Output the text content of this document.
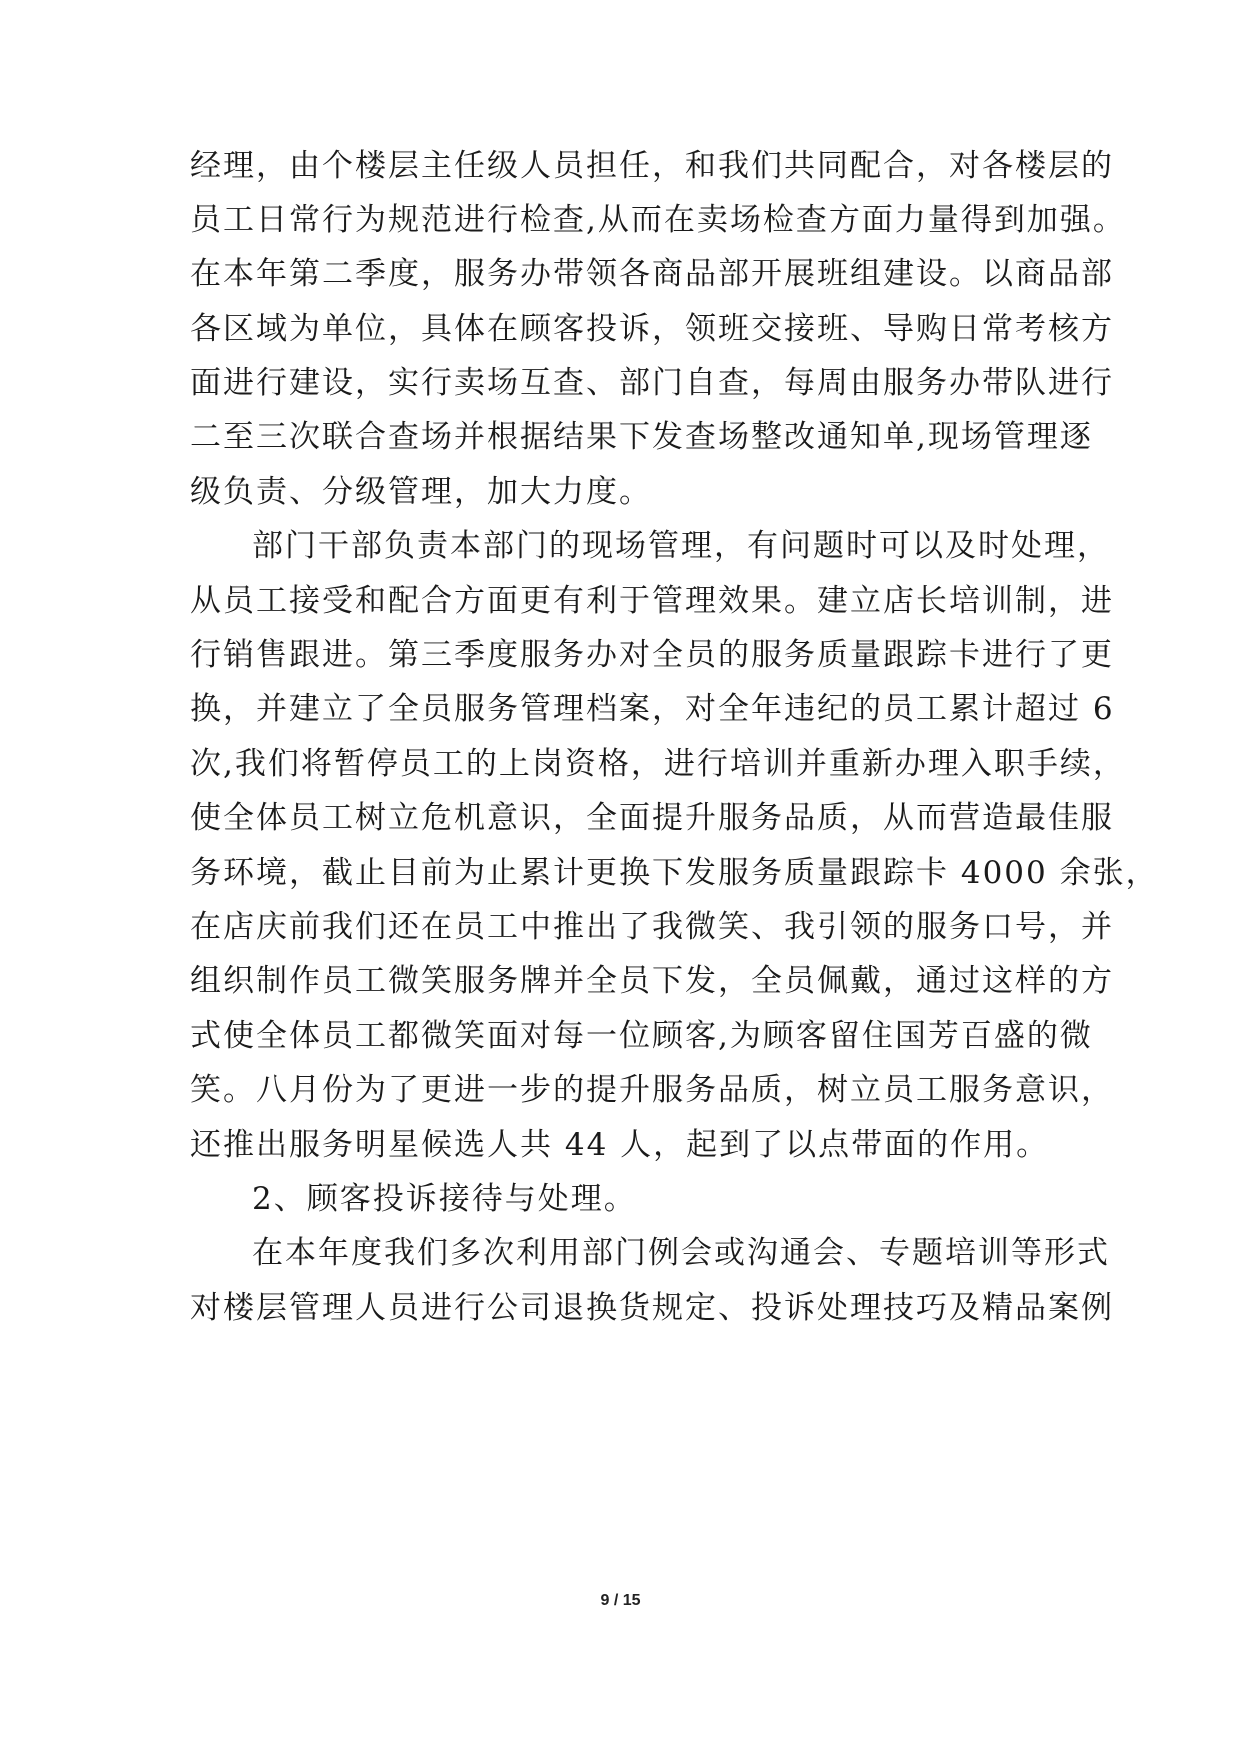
经理，由个楼层主任级人员担任，和我们共同配合，对各楼层的
员工日常行为规范进行检查,从而在卖场检查方面力量得到加强。
在本年第二季度，服务办带领各商品部开展班组建设。以商品部
各区域为单位，具体在顾客投诉，领班交接班、导购日常考核方
面进行建设，实行卖场互查、部门自查，每周由服务办带队进行
二至三次联合查场并根据结果下发查场整改通知单,现场管理逐
级负责、分级管理，加大力度。
部门干部负责本部门的现场管理，有问题时可以及时处理，
从员工接受和配合方面更有利于管理效果。建立店长培训制，进
行销售跟进。第三季度服务办对全员的服务质量跟踪卡进行了更
换，并建立了全员服务管理档案，对全年违纪的员工累计超过 6
次,我们将暂停员工的上岗资格，进行培训并重新办理入职手续，
使全体员工树立危机意识，全面提升服务品质，从而营造最佳服
务环境，截止目前为止累计更换下发服务质量跟踪卡 4000 余张，
在店庆前我们还在员工中推出了我微笑、我引领的服务口号，并
组织制作员工微笑服务牌并全员下发，全员佩戴，通过这样的方
式使全体员工都微笑面对每一位顾客,为顾客留住国芳百盛的微
笑。八月份为了更进一步的提升服务品质，树立员工服务意识，
还推出服务明星候选人共 44 人，起到了以点带面的作用。
2、顾客投诉接待与处理。
在本年度我们多次利用部门例会或沟通会、专题培训等形式
对楼层管理人员进行公司退换货规定、投诉处理技巧及精品案例
9 / 15
